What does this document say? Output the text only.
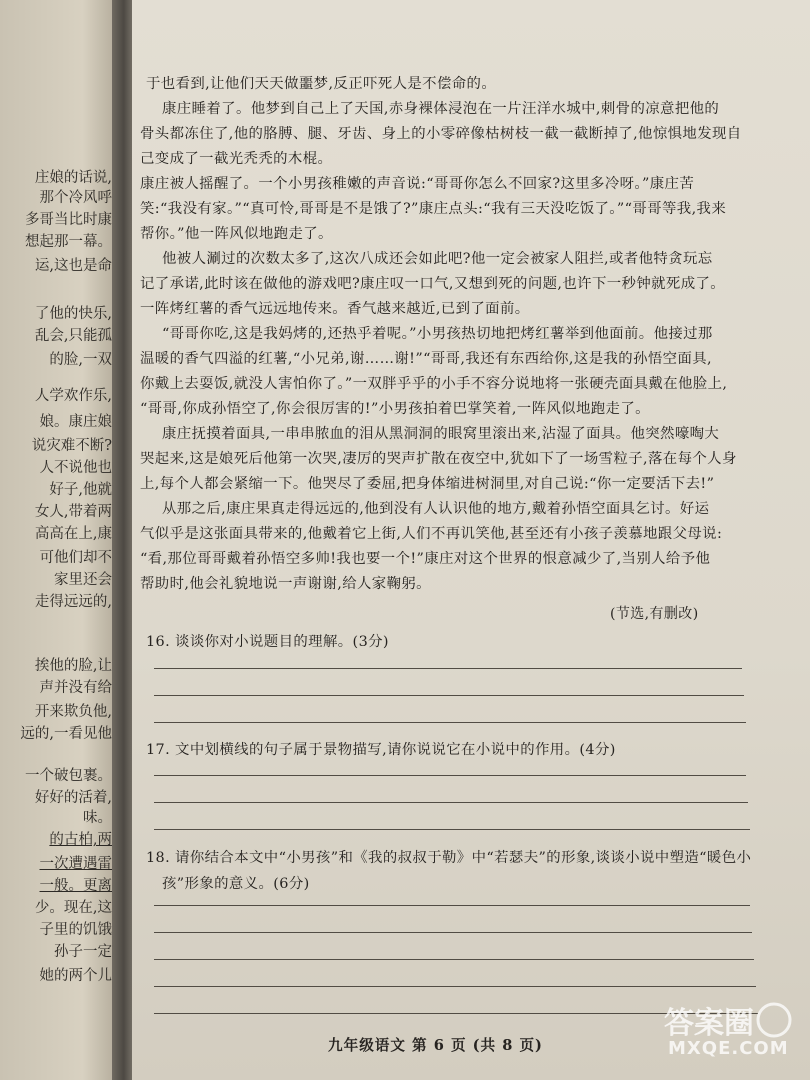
庄娘的话说,
那个冷风呼
多哥当比时康
想起那一幕。
运,这也是命
了他的快乐,
乱会,只能孤
的脸,一双
人学欢作乐,
娘。康庄娘
说灾难不断?
人不说他也
好子,他就
女人,带着两
高高在上,康
可他们却不
家里还会
走得远远的,
挨他的脸,让
声并没有给
开来欺负他,
远的,一看见他
一个破包裹。
好好的活着,
味。
的古柏,两
一次遭遇雷
一般。更离
少。现在,这
子里的饥饿
孙子一定
她的两个儿
于也看到,让他们天天做噩梦,反正吓死人是不偿命的。
康庄睡着了。他梦到自己上了天国,赤身裸体浸泡在一片汪洋水城中,刺骨的凉意把他的
骨头都冻住了,他的胳膊、腿、牙齿、身上的小零碎像枯树枝一截一截断掉了,他惊惧地发现自
己变成了一截光秃秃的木棍。
康庄被人摇醒了。一个小男孩稚嫩的声音说:“哥哥你怎么不回家?这里多冷呀。”康庄苦
笑:“我没有家。”“真可怜,哥哥是不是饿了?”康庄点头:“我有三天没吃饭了。”“哥哥等我,我来
帮你。”他一阵风似地跑走了。
他被人涮过的次数太多了,这次八成还会如此吧?他一定会被家人阻拦,或者他特贪玩忘
记了承诺,此时该在做他的游戏吧?康庄叹一口气,又想到死的问题,也许下一秒钟就死成了。
一阵烤红薯的香气远远地传来。香气越来越近,已到了面前。
“哥哥你吃,这是我妈烤的,还热乎着呢。”小男孩热切地把烤红薯举到他面前。他接过那
温暖的香气四溢的红薯,“小兄弟,谢……谢!”“哥哥,我还有东西给你,这是我的孙悟空面具,
你戴上去耍饭,就没人害怕你了。”一双胖乎乎的小手不容分说地将一张硬壳面具戴在他脸上,
“哥哥,你成孙悟空了,你会很厉害的!”小男孩拍着巴掌笑着,一阵风似地跑走了。
康庄抚摸着面具,一串串脓血的泪从黑洞洞的眼窝里滚出来,沾湿了面具。他突然嚎啕大
哭起来,这是娘死后他第一次哭,凄厉的哭声扩散在夜空中,犹如下了一场雪粒子,落在每个人身
上,每个人都会紧缩一下。他哭尽了委屈,把身体缩进树洞里,对自己说:“你一定要活下去!”
从那之后,康庄果真走得远远的,他到没有人认识他的地方,戴着孙悟空面具乞讨。好运
气似乎是这张面具带来的,他戴着它上街,人们不再讥笑他,甚至还有小孩子羡慕地跟父母说:
“看,那位哥哥戴着孙悟空多帅!我也要一个!”康庄对这个世界的恨意减少了,当别人给予他
帮助时,他会礼貌地说一声谢谢,给人家鞠躬。
(节选,有删改)
16. 谈谈你对小说题目的理解。(3分)
17. 文中划横线的句子属于景物描写,请你说说它在小说中的作用。(4分)
18. 请你结合本文中“小男孩”和《我的叔叔于勒》中“若瑟夫”的形象,谈谈小说中塑造“暖色小
孩”形象的意义。(6分)
九年级语文 第 6 页 (共 8 页)
答案圈
MXQE.COM
